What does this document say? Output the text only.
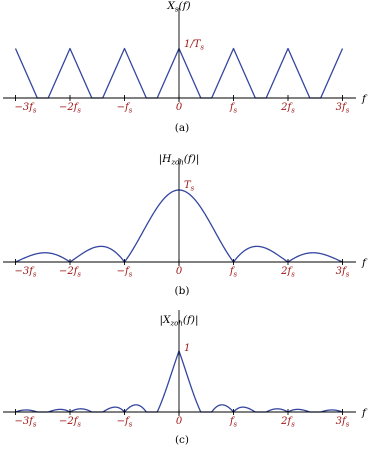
$-3f_s -2f_s$	$-f_s$	0	$f_s$	$2f_s$	$3f_s$
$X_s(f)$
f
$1/T_s$
(a)
$-3f_s -2f_s$	$-f_s$	0	$f_s$	$2f_s$	$3f_s$
$|H_{zoh}(f)|$
f
$T_s$
(b)
$-3f_s -2f_s$	$-f_s$	0	$f_s$	$2f_s$	$3f_s$
$|X_{zoh}(f)|$
f
1
(c)
